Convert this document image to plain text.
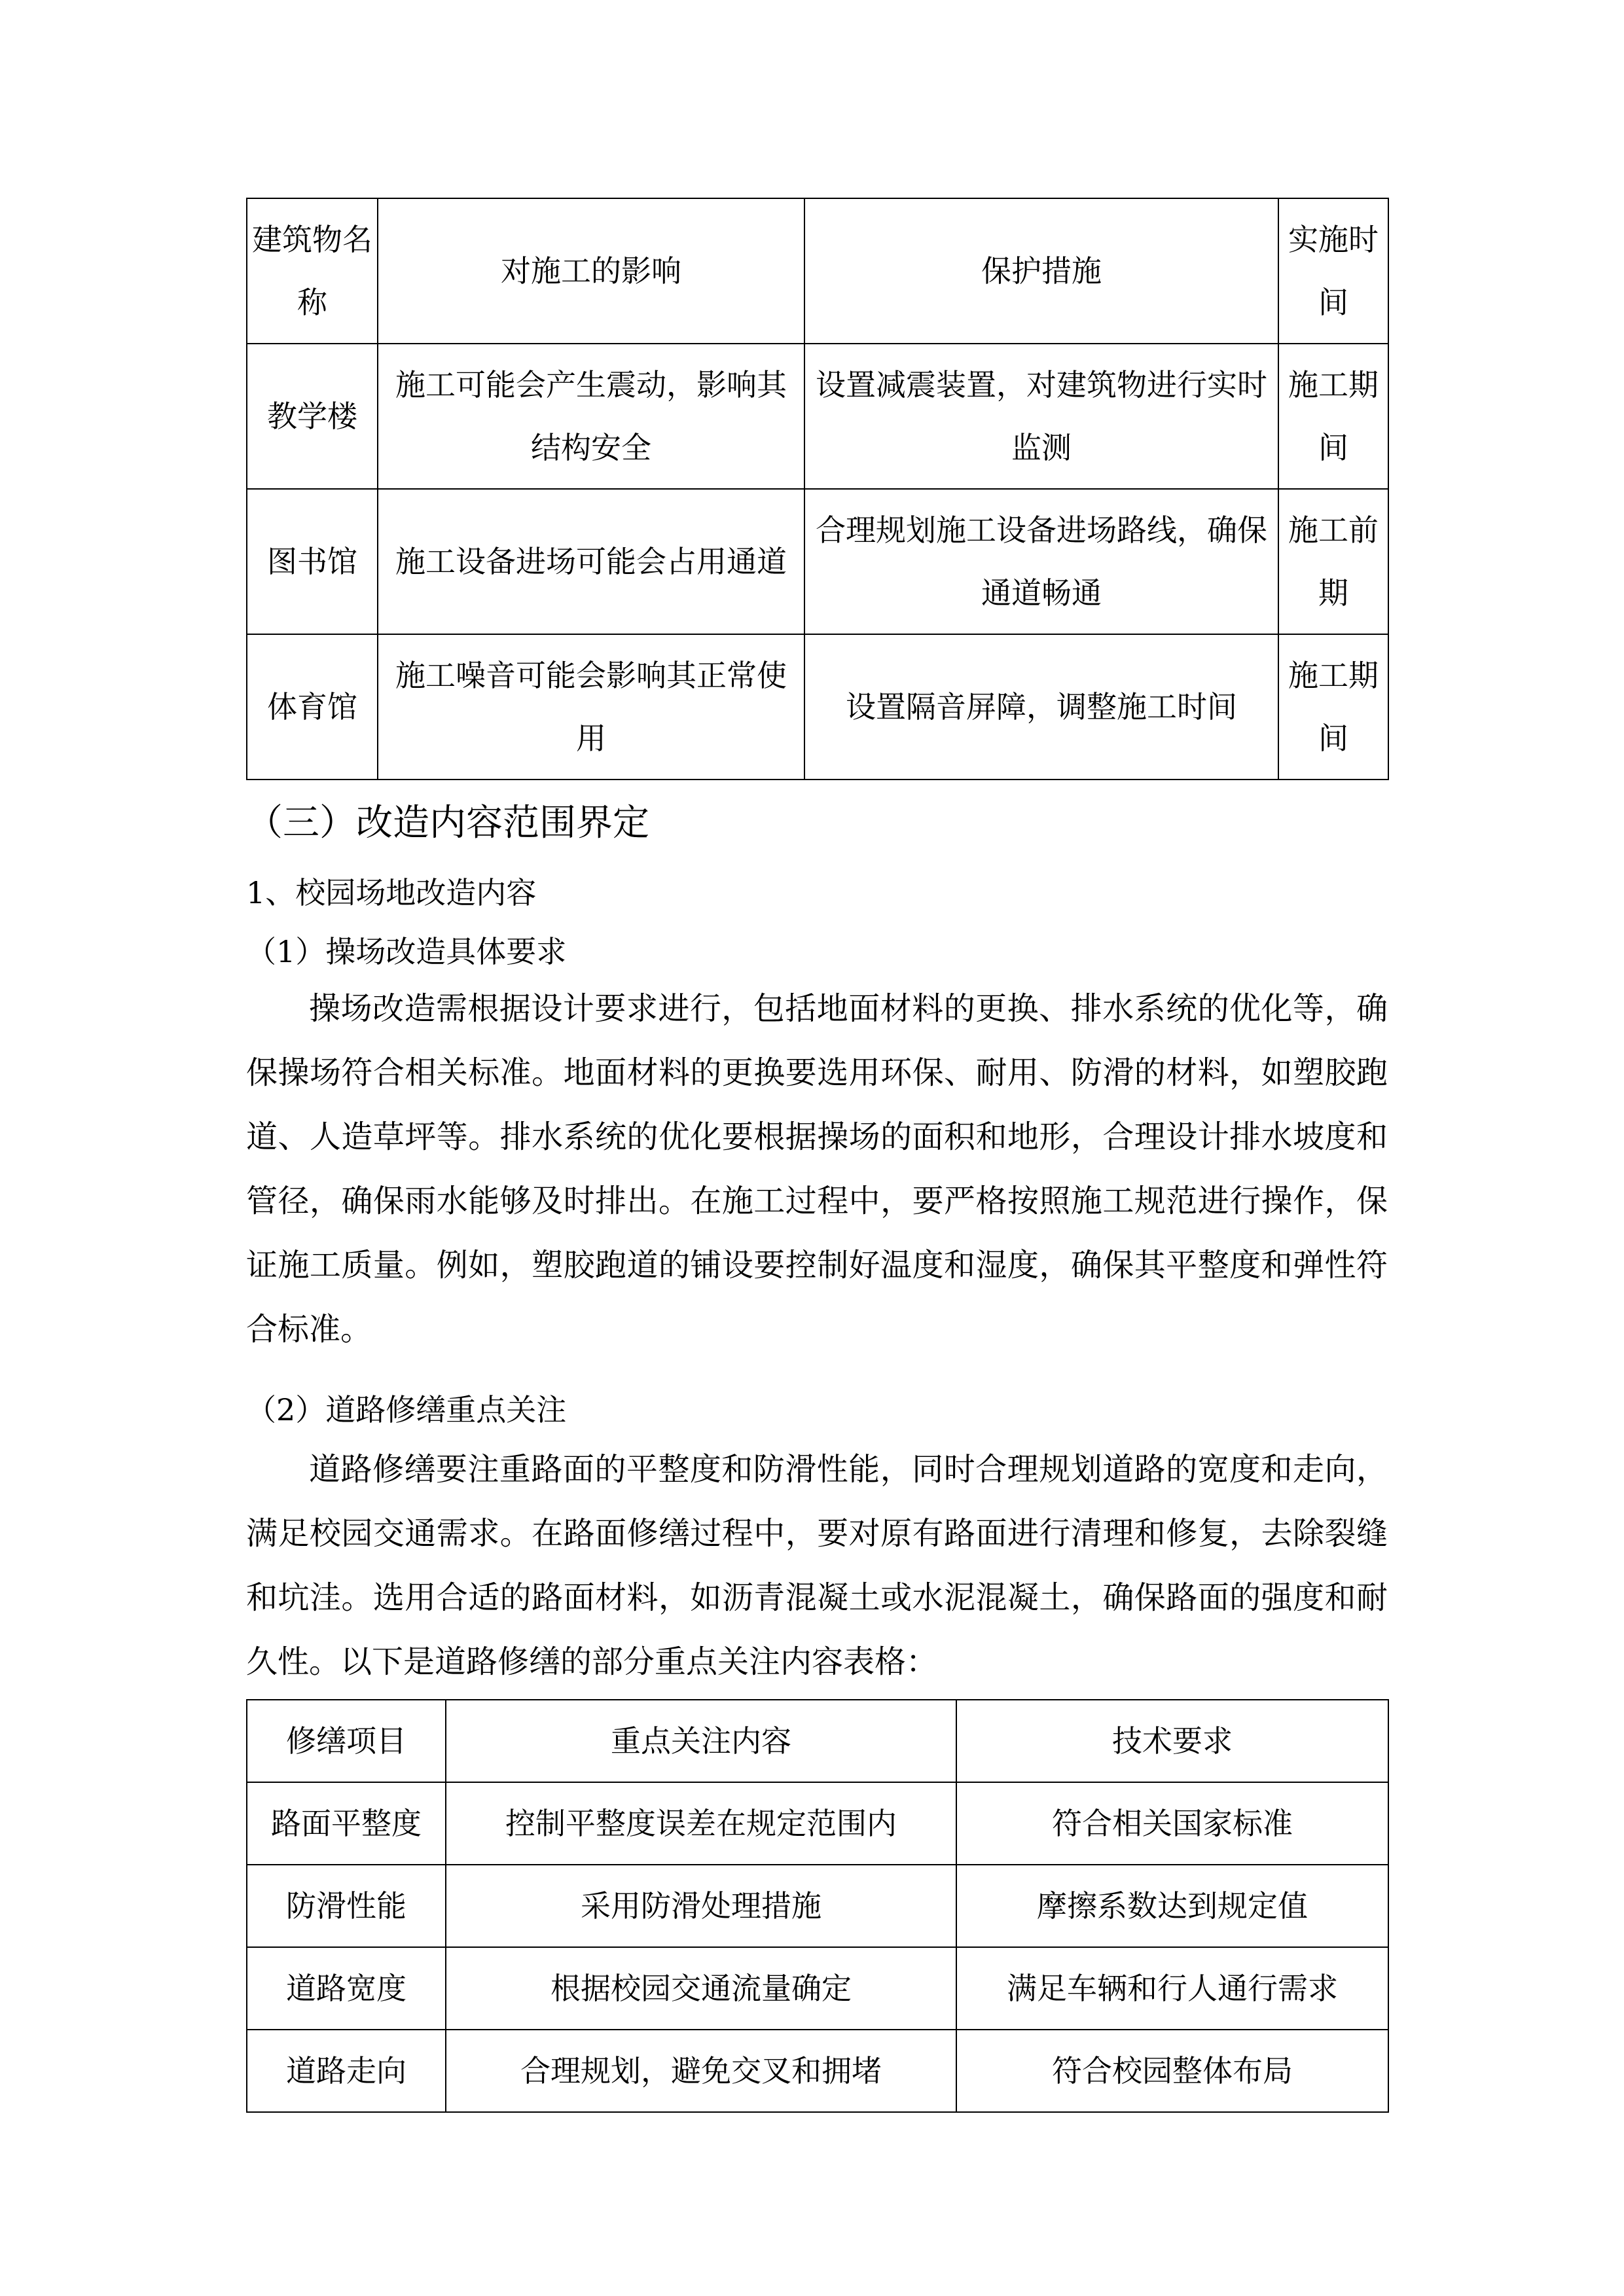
建筑物名称	对施工的影响	保护措施	实施时间
教学楼	施工可能会产生震动，影响其结构安全	设置减震装置，对建筑物进行实时监测	施工期间
图书馆	施工设备进场可能会占用通道	合理规划施工设备进场路线，确保通道畅通	施工前期
体育馆	施工噪音可能会影响其正常使用	设置隔音屏障，调整施工时间	施工期间
（三）改造内容范围界定
1、校园场地改造内容
（1）操场改造具体要求
操场改造需根据设计要求进行，包括地面材料的更换、排水系统的优化等，确保操场符合相关标准。地面材料的更换要选用环保、耐用、防滑的材料，如塑胶跑道、人造草坪等。排水系统的优化要根据操场的面积和地形，合理设计排水坡度和管径，确保雨水能够及时排出。在施工过程中，要严格按照施工规范进行操作，保证施工质量。例如，塑胶跑道的铺设要控制好温度和湿度，确保其平整度和弹性符合标准。
（2）道路修缮重点关注
道路修缮要注重路面的平整度和防滑性能，同时合理规划道路的宽度和走向，满足校园交通需求。在路面修缮过程中，要对原有路面进行清理和修复，去除裂缝和坑洼。选用合适的路面材料，如沥青混凝土或水泥混凝土，确保路面的强度和耐久性。以下是道路修缮的部分重点关注内容表格：
修缮项目	重点关注内容	技术要求
路面平整度	控制平整度误差在规定范围内	符合相关国家标准
防滑性能	采用防滑处理措施	摩擦系数达到规定值
道路宽度	根据校园交通流量确定	满足车辆和行人通行需求
道路走向	合理规划，避免交叉和拥堵	符合校园整体布局
